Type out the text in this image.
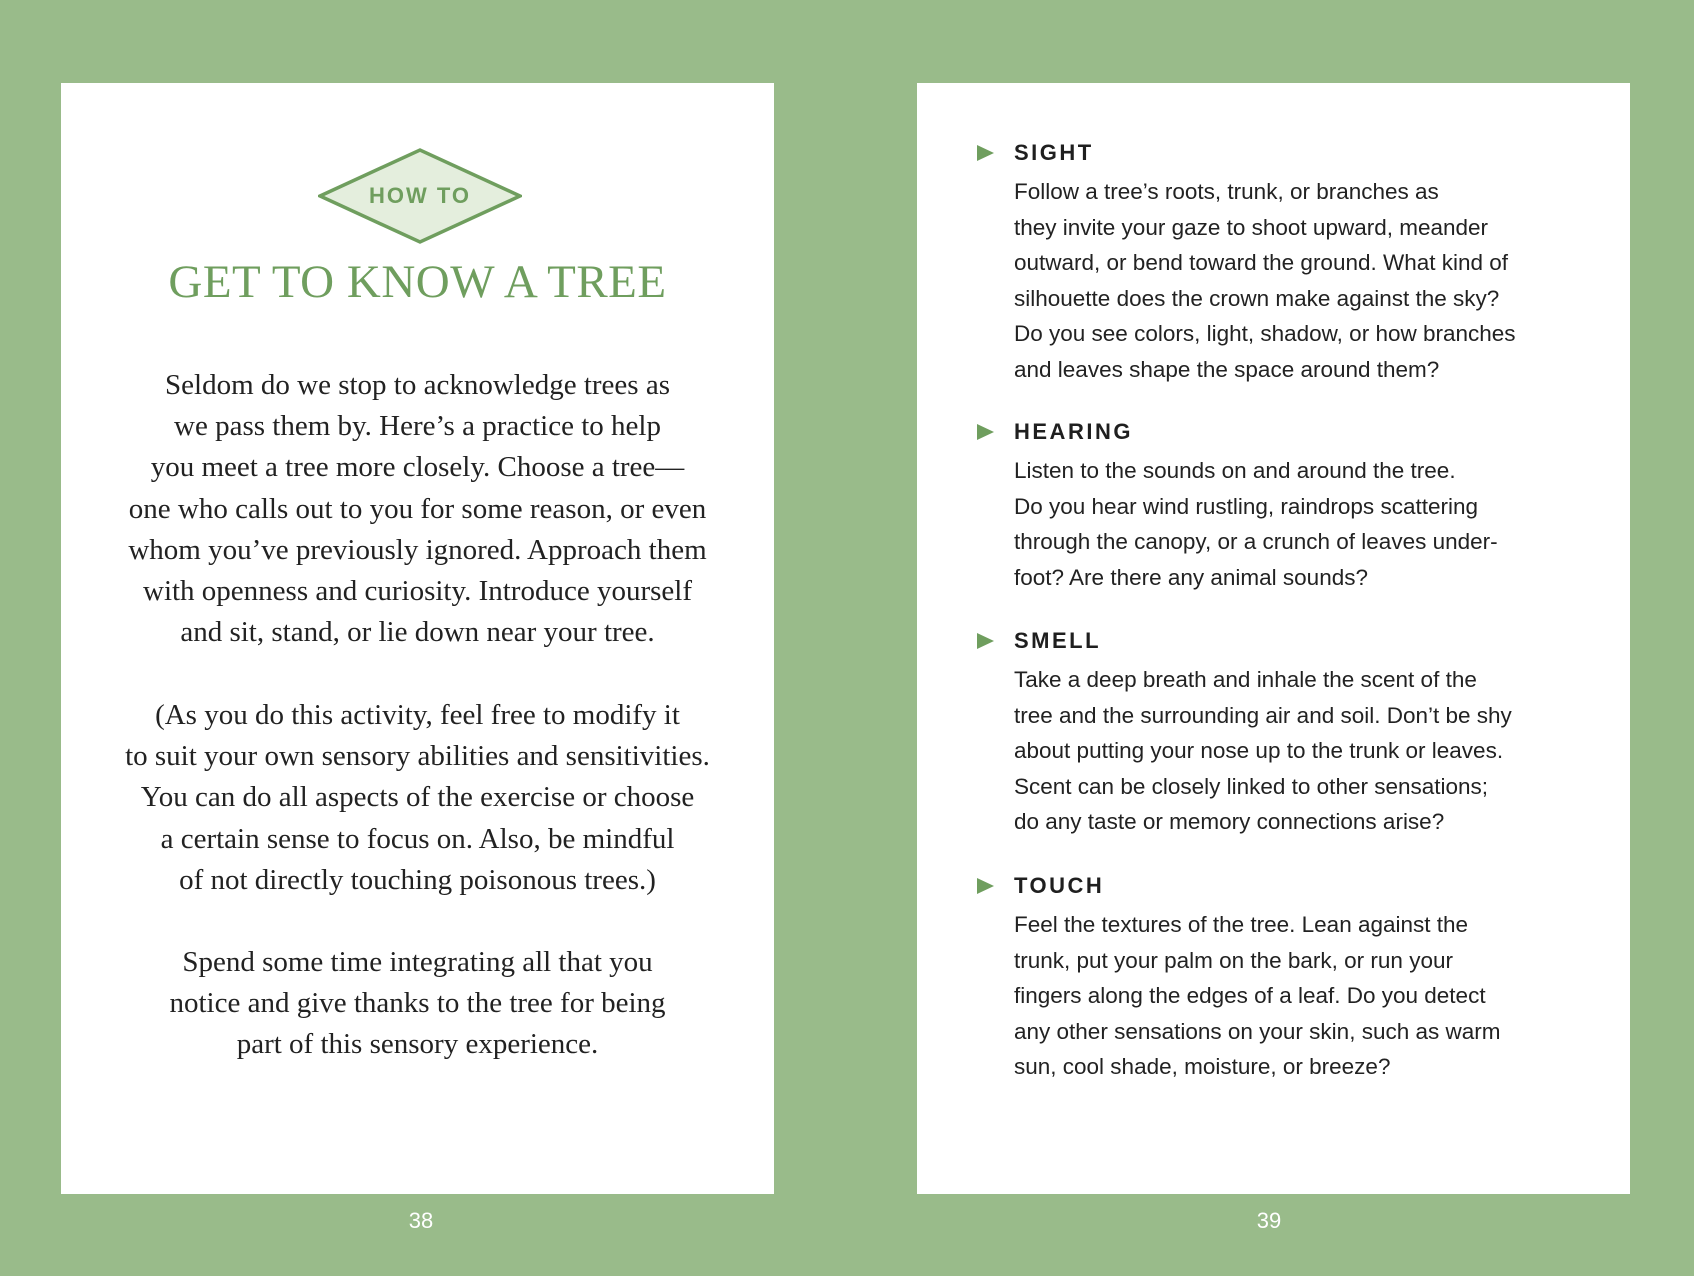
HOW TO
GET TO KNOW A TREE

Seldom do we stop to acknowledge trees as
we pass them by. Here’s a practice to help
you meet a tree more closely. Choose a tree—
one who calls out to you for some reason, or even
whom you’ve previously ignored. Approach them
with openness and curiosity. Introduce yourself
and sit, stand, or lie down near your tree.

(As you do this activity, feel free to modify it
to suit your own sensory abilities and sensitivities.
You can do all aspects of the exercise or choose
a certain sense to focus on. Also, be mindful
of not directly touching poisonous trees.)

Spend some time integrating all that you
notice and give thanks to the tree for being
part of this sensory experience.

SIGHT

Follow a tree’s roots, trunk, or branches as
they invite your gaze to shoot upward, meander
outward, or bend toward the ground. What kind of
silhouette does the crown make against the sky?
Do you see colors, light, shadow, or how branches
and leaves shape the space around them?

HEARING

Listen to the sounds on and around the tree.
Do you hear wind rustling, raindrops scattering
through the canopy, or a crunch of leaves under-
foot? Are there any animal sounds?

SMELL

Take a deep breath and inhale the scent of the
tree and the surrounding air and soil. Don’t be shy
about putting your nose up to the trunk or leaves.
Scent can be closely linked to other sensations;
do any taste or memory connections arise?

TOUCH

Feel the textures of the tree. Lean against the
trunk, put your palm on the bark, or run your
fingers along the edges of a leaf. Do you detect
any other sensations on your skin, such as warm
sun, cool shade, moisture, or breeze?

38	39
